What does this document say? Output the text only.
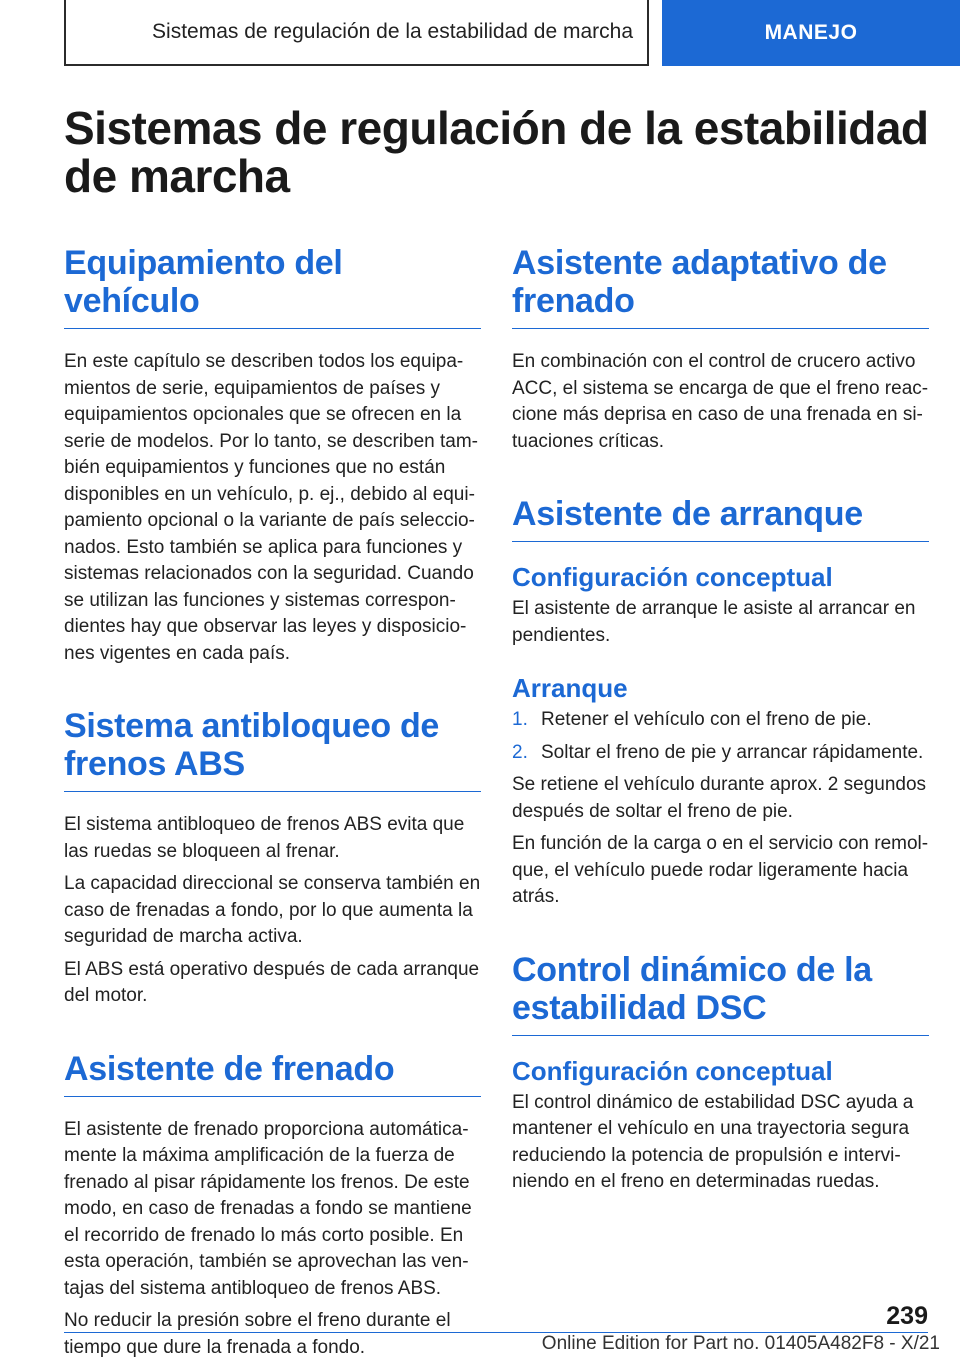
Sistemas de regulación de la estabilidad de marcha	MANEJO
Sistemas de regulación de la estabilidad de marcha
Equipamiento del vehículo

En este capítulo se describen todos los equipa- mientos de serie, equipamientos de países y equipamientos opcionales que se ofrecen en la serie de modelos. Por lo tanto, se describen tam- bién equipamientos y funciones que no están disponibles en un vehículo, p. ej., debido al equi- pamiento opcional o la variante de país seleccio- nados. Esto también se aplica para funciones y sistemas relacionados con la seguridad. Cuando se utilizan las funciones y sistemas correspon- dientes hay que observar las leyes y disposicio- nes vigentes en cada país.

Sistema antibloqueo de frenos ABS

El sistema antibloqueo de frenos ABS evita que las ruedas se bloqueen al frenar.

La capacidad direccional se conserva también en caso de frenadas a fondo, por lo que aumenta la seguridad de marcha activa.

El ABS está operativo después de cada arranque del motor.

Asistente de frenado

El asistente de frenado proporciona automática- mente la máxima amplificación de la fuerza de frenado al pisar rápidamente los frenos. De este modo, en caso de frenadas a fondo se mantiene el recorrido de frenado lo más corto posible. En esta operación, también se aprovechan las ven- tajas del sistema antibloqueo de frenos ABS.

No reducir la presión sobre el freno durante el tiempo que dure la frenada a fondo.

Asistente adaptativo de frenado

En combinación con el control de crucero activo ACC, el sistema se encarga de que el freno reac- cione más deprisa en caso de una frenada en si- tuaciones críticas.

Asistente de arranque
Configuración conceptual

El asistente de arranque le asiste al arrancar en pendientes.

Arranque
1. Retener el vehículo con el freno de pie.
2. Soltar el freno de pie y arrancar rápidamente.

Se retiene el vehículo durante aprox. 2 segundos después de soltar el freno de pie.

En función de la carga o en el servicio con remol- que, el vehículo puede rodar ligeramente hacia atrás.

Control dinámico de la estabilidad DSC
Configuración conceptual

El control dinámico de estabilidad DSC ayuda a mantener el vehículo en una trayectoria segura reduciendo la potencia de propulsión e intervi- niendo en el freno en determinadas ruedas.

239
Online Edition for Part no. 01405A482F8 - X/21
